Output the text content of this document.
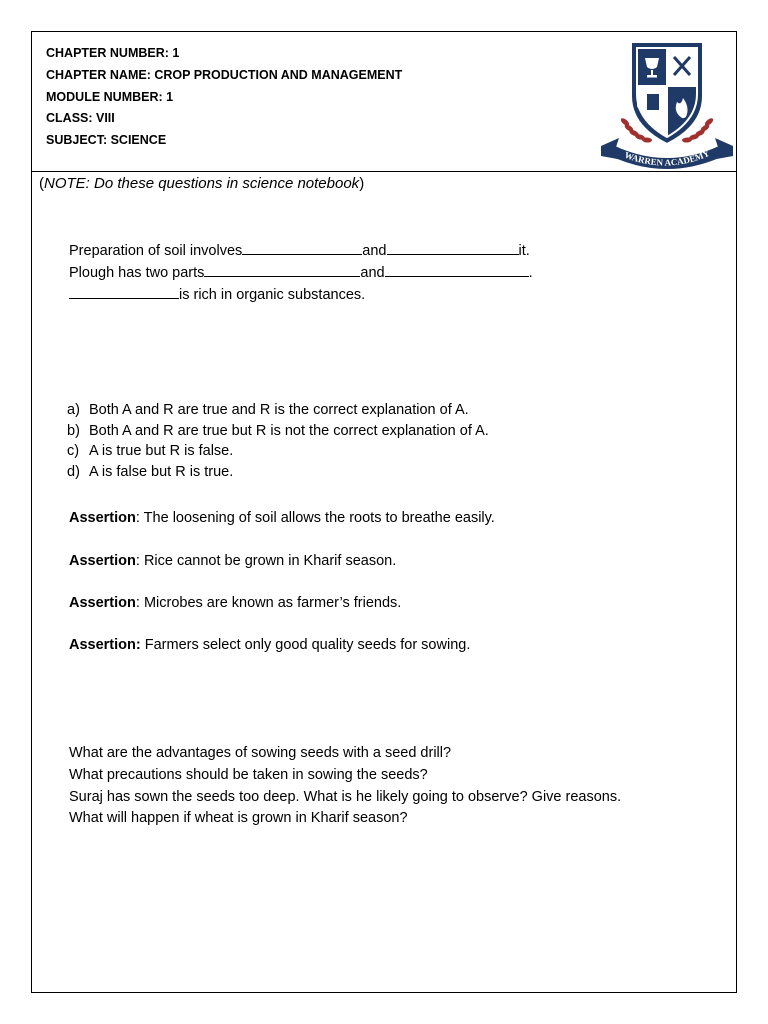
CHAPTER NUMBER: 1
CHAPTER NAME: CROP PRODUCTION AND MANAGEMENT
MODULE NUMBER: 1
CLASS: VIII
SUBJECT: SCIENCE
WARREN ACADEMY
(NOTE: Do these questions in science notebook)
Preparation of soil involves	and	it.
Plough has two parts	and	.
is rich in organic substances.
a) Both A and R are true and R is the correct explanation of A.
b) Both A and R are true but R is not the correct explanation of A.
c) A is true but R is false.
d) A is false but R is true.
Assertion: The loosening of soil allows the roots to breathe easily.
Assertion: Rice cannot be grown in Kharif season.
Assertion: Microbes are known as farmer’s friends.
Assertion: Farmers select only good quality seeds for sowing.
What are the advantages of sowing seeds with a seed drill?
What precautions should be taken in sowing the seeds?
Suraj has sown the seeds too deep. What is he likely going to observe? Give reasons.
What will happen if wheat is grown in Kharif season?
